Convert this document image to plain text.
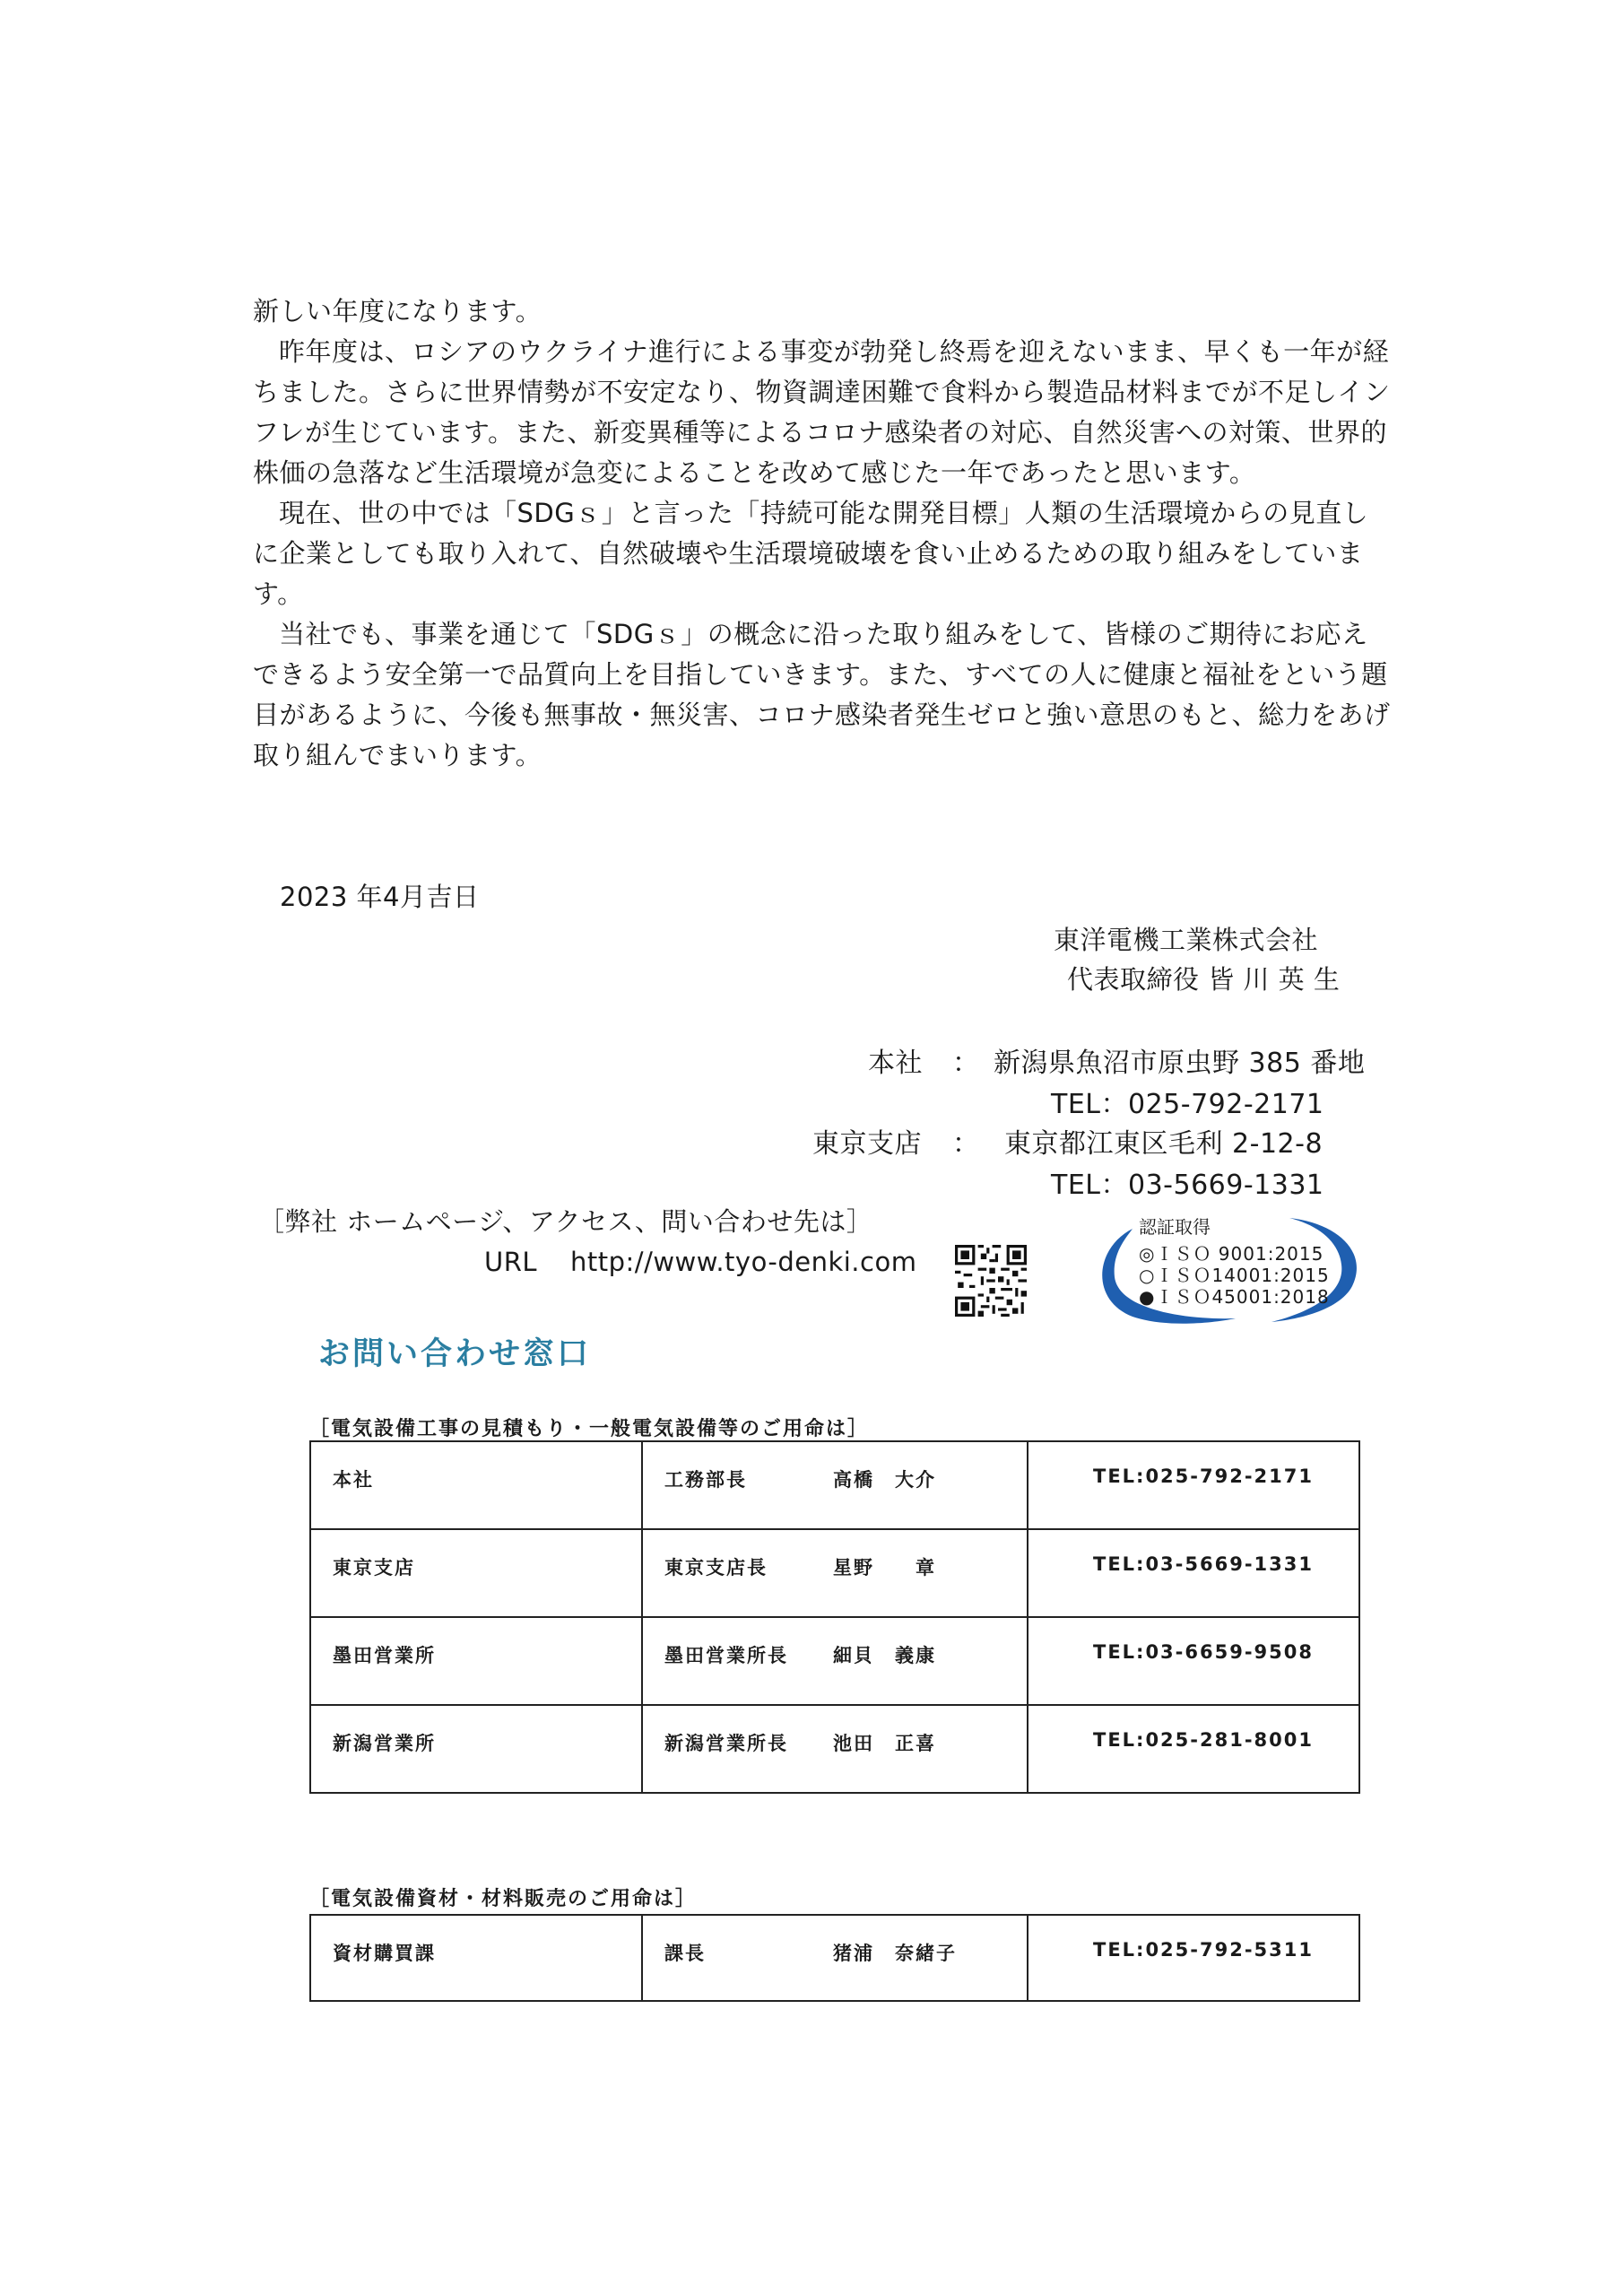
新しい年度になります。

昨年度は、ロシアのウクライナ進行による事変が勃発し終焉を迎えないまま、早くも一年が経ちました。さらに世界情勢が不安定なり、物資調達困難で食料から製造品材料までが不足しインフレが生じています。また、新変異種等によるコロナ感染者の対応、自然災害への対策、世界的株価の急落など生活環境が急変によることを改めて感じた一年であったと思います。

現在、世の中では「SDGｓ」と言った「持続可能な開発目標」人類の生活環境からの見直しに企業としても取り入れて、自然破壊や生活環境破壊を食い止めるための取り組みをしています。

当社でも、事業を通じて「SDGｓ」の概念に沿った取り組みをして、皆様のご期待にお応えできるよう安全第一で品質向上を目指していきます。また、すべての人に健康と福祉をという題目があるように、今後も無事故・無災害、コロナ感染者発生ゼロと強い意思のもと、総力をあげ取り組んでまいります。

2023 年4月吉日
東洋電機工業株式会社
代表取締役 皆 川 英 生
本社 ： 新潟県魚沼市原虫野 385 番地
TEL：025-792-2171
東京支店 ： 東京都江東区毛利 2-12-8
TEL：03-5669-1331
［弊社 ホームページ、アクセス、問い合わせ先は］
URL http://www.tyo-denki.com
認証取得
◎ＩＳＯ 9001:2015
○ＩＳＯ14001:2015
●ＩＳＯ45001:2018
お問い合わせ窓口
［電気設備工事の見積もり・一般電気設備等のご用命は］
本社	工務部長 高橋　大介	TEL:025-792-2171
東京支店	東京支店長 星野　　章	TEL:03-5669-1331
墨田営業所	墨田営業所長 細貝　義康	TEL:03-6659-9508
新潟営業所	新潟営業所長 池田　正喜	TEL:025-281-8001
［電気設備資材・材料販売のご用命は］
資材購買課	課長	猪浦　奈緒子	TEL:025-792-5311
